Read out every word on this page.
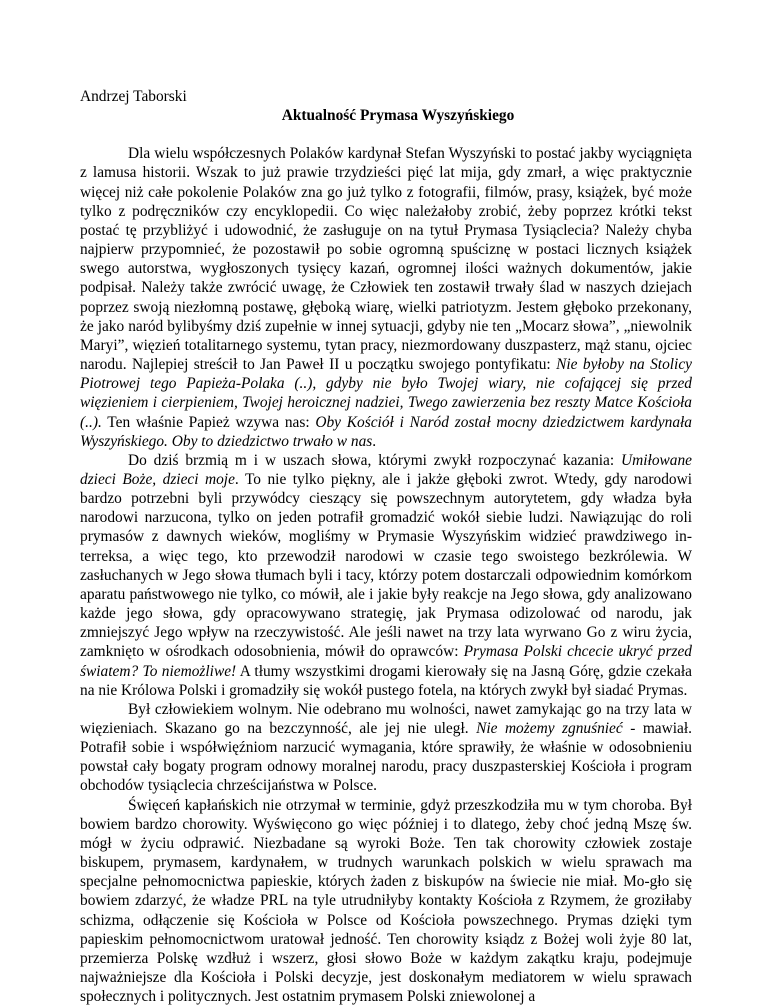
Andrzej Taborski
Aktualność Prymasa Wyszyńskiego

Dla wielu współczesnych Polaków kardynał Stefan Wyszyński to postać jakby wyciągnięta z lamusa historii. Wszak to już prawie trzydzieści pięć lat mija, gdy zmarł, a więc praktycznie więcej niż całe pokolenie Polaków zna go już tylko z fotografii, filmów, prasy, książek, być może tylko z podręczników czy encyklopedii. Co więc należałoby zrobić, żeby poprzez krótki tekst postać tę przybliżyć i udowodnić, że zasługuje on na tytuł Prymasa Tysiąclecia? Należy chyba najpierw przypomnieć, że pozostawił po sobie ogromną spuściznę w postaci licznych książek swego autorstwa, wygłoszonych tysięcy kazań, ogromnej ilości ważnych dokumentów, jakie podpisał. Należy także zwrócić uwagę, że Człowiek ten zostawił trwały ślad w naszych dziejach poprzez swoją niezłomną postawę, głęboką wiarę, wielki patriotyzm. Jestem głęboko przekonany, że jako naród bylibyśmy dziś zupełnie w innej sytuacji, gdyby nie ten „Mocarz słowa”, „niewolnik Maryi”, więzień totalitarnego systemu, tytan pracy, niezmordowany duszpasterz, mąż stanu, ojciec narodu. Najlepiej streścił to Jan Paweł II u początku swojego pontyfikatu: Nie byłoby na Stolicy Piotrowej tego Papieża-Polaka (..), gdyby nie było Twojej wiary, nie cofającej się przed więzieniem i cierpieniem, Twojej heroicznej nadziei, Twego zawierzenia bez reszty Matce Kościoła (..). Ten właśnie Papież wzywa nas: Oby Kościół i Naród został mocny dziedzictwem kardynała Wyszyńskiego. Oby to dziedzictwo trwało w nas.

Do dziś brzmią m i w uszach słowa, którymi zwykł rozpoczynać kazania: Umiłowane dzieci Boże, dzieci moje. To nie tylko piękny, ale i jakże głęboki zwrot. Wtedy, gdy narodowi bardzo potrzebni byli przywódcy cieszący się powszechnym autorytetem, gdy władza była narodowi narzucona, tylko on jeden potrafił gromadzić wokół siebie ludzi. Nawiązując do roli prymasów z dawnych wieków, mogliśmy w Prymasie Wyszyńskim widzieć prawdziwego in-terreksa, a więc tego, kto przewodził narodowi w czasie tego swoistego bezkrólewia. W zasłuchanych w Jego słowa tłumach byli i tacy, którzy potem dostarczali odpowiednim komórkom aparatu państwowego nie tylko, co mówił, ale i jakie były reakcje na Jego słowa, gdy analizowano każde jego słowa, gdy opracowywano strategię, jak Prymasa odizolować od narodu, jak zmniejszyć Jego wpływ na rzeczywistość. Ale jeśli nawet na trzy lata wyrwano Go z wiru życia, zamknięto w ośrodkach odosobnienia, mówił do oprawców: Prymasa Polski chcecie ukryć przed światem? To niemożliwe! A tłumy wszystkimi drogami kierowały się na Jasną Górę, gdzie czekała na nie Królowa Polski i gromadziły się wokół pustego fotela, na których zwykł był siadać Prymas.

Był człowiekiem wolnym. Nie odebrano mu wolności, nawet zamykając go na trzy lata w więzieniach. Skazano go na bezczynność, ale jej nie uległ. Nie możemy zgnuśnieć - mawiał. Potrafił sobie i współwięźniom narzucić wymagania, które sprawiły, że właśnie w odosobnieniu powstał cały bogaty program odnowy moralnej narodu, pracy duszpasterskiej Kościoła i program obchodów tysiąclecia chrześcijaństwa w Polsce.

Święceń kapłańskich nie otrzymał w terminie, gdyż przeszkodziła mu w tym choroba. Był bowiem bardzo chorowity. Wyświęcono go więc później i to dlatego, żeby choć jedną Mszę św. mógł w życiu odprawić. Niezbadane są wyroki Boże. Ten tak chorowity człowiek zostaje biskupem, prymasem, kardynałem, w trudnych warunkach polskich w wielu sprawach ma specjalne pełnomocnictwa papieskie, których żaden z biskupów na świecie nie miał. Mo-gło się bowiem zdarzyć, że władze PRL na tyle utrudniłyby kontakty Kościoła z Rzymem, że groziłaby schizma, odłączenie się Kościoła w Polsce od Kościoła powszechnego. Prymas dzięki tym papieskim pełnomocnictwom uratował jedność. Ten chorowity ksiądz z Bożej woli żyje 80 lat, przemierza Polskę wzdłuż i wszerz, głosi słowo Boże w każdym zakątku kraju, podejmuje najważniejsze dla Kościoła i Polski decyzje, jest doskonałym mediatorem w wielu sprawach społecznych i politycznych. Jest ostatnim prymasem Polski zniewolonej a
